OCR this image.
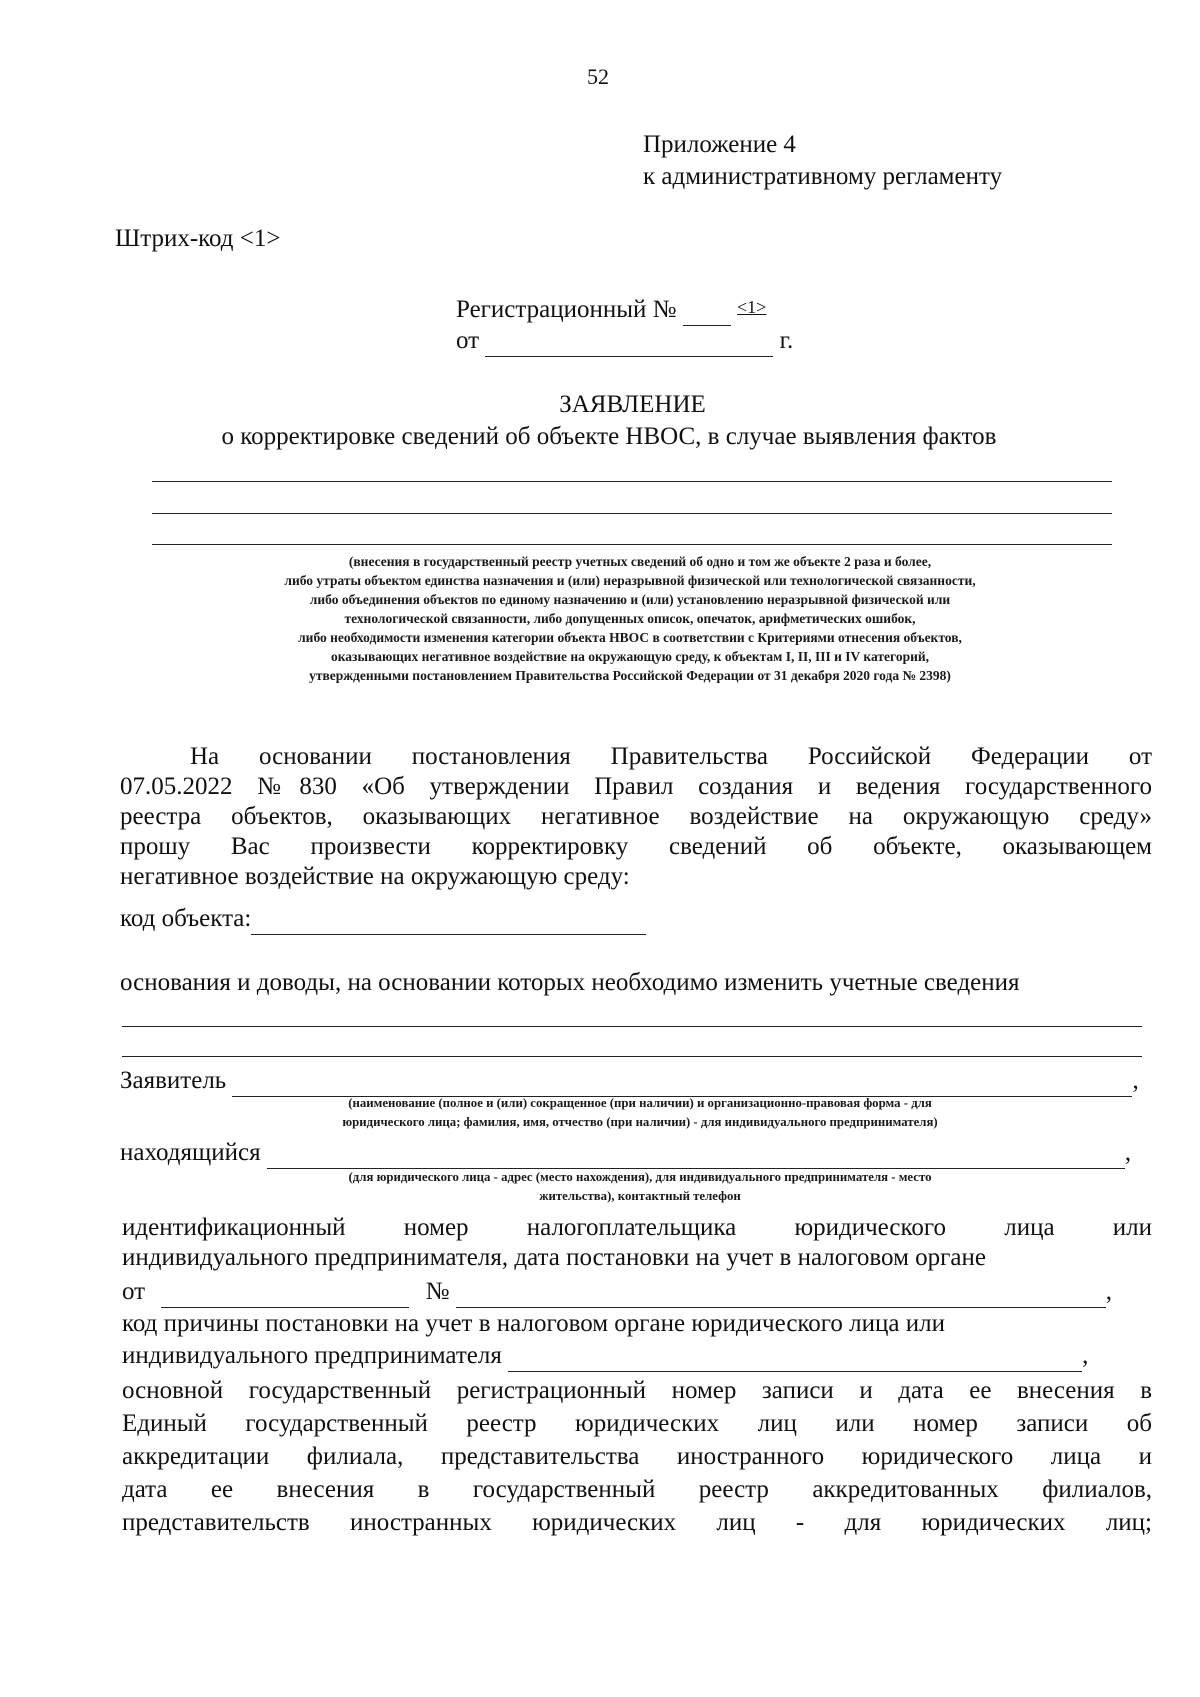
52
Приложение 4
к административному регламенту
Штрих-код <1>
Регистрационный №	<1>
от	г.
ЗАЯВЛЕНИЕ
о корректировке сведений об объекте НВОС, в случае выявления фактов
(внесения в государственный реестр учетных сведений об одно и том же объекте 2 раза и более,
либо утраты объектом единства назначения и (или) неразрывной физической или технологической связанности,
либо объединения объектов по единому назначению и (или) установлению неразрывной физической или
технологической связанности, либо допущенных описок, опечаток, арифметических ошибок,
либо необходимости изменения категории объекта НВОС в соответствии с Критериями отнесения объектов,
оказывающих негативное воздействие на окружающую среду, к объектам I, II, III и IV категорий,
утвержденными постановлением Правительства Российской Федерации от 31 декабря 2020 года № 2398)
На основании постановления Правительства Российской Федерации от
07.05.2022 №830 «Об утверждении Правил создания и ведения государственного
реестра объектов, оказывающих негативное воздействие на окружающую среду»
прошу Вас произвести корректировку сведений об объекте, оказывающем
негативное воздействие на окружающую среду:
код объекта:
основания и доводы, на основании которых необходимо изменить учетные сведения
Заявитель	,
(наименование (полное и (или) сокращенное (при наличии) и организационно-правовая форма - для
юридического лица; фамилия, имя, отчество (при наличии) - для индивидуального предпринимателя)
находящийся	,
(для юридического лица - адрес (место нахождения), для индивидуального предпринимателя - место
жительства), контактный телефон
идентификационный номер налогоплательщика юридического лица или
индивидуального предпринимателя, дата постановки на учет в налоговом органе
от	№	,
код причины постановки на учет в налоговом органе юридического лица или
индивидуального предпринимателя	,
основной государственный регистрационный номер записи и дата ее внесения в
Единый государственный реестр юридических лиц или номер записи об
аккредитации филиала, представительства иностранного юридического лица и
дата ее внесения в государственный реестр аккредитованных филиалов,
представительств иностранных юридических лиц - для юридических лиц;
